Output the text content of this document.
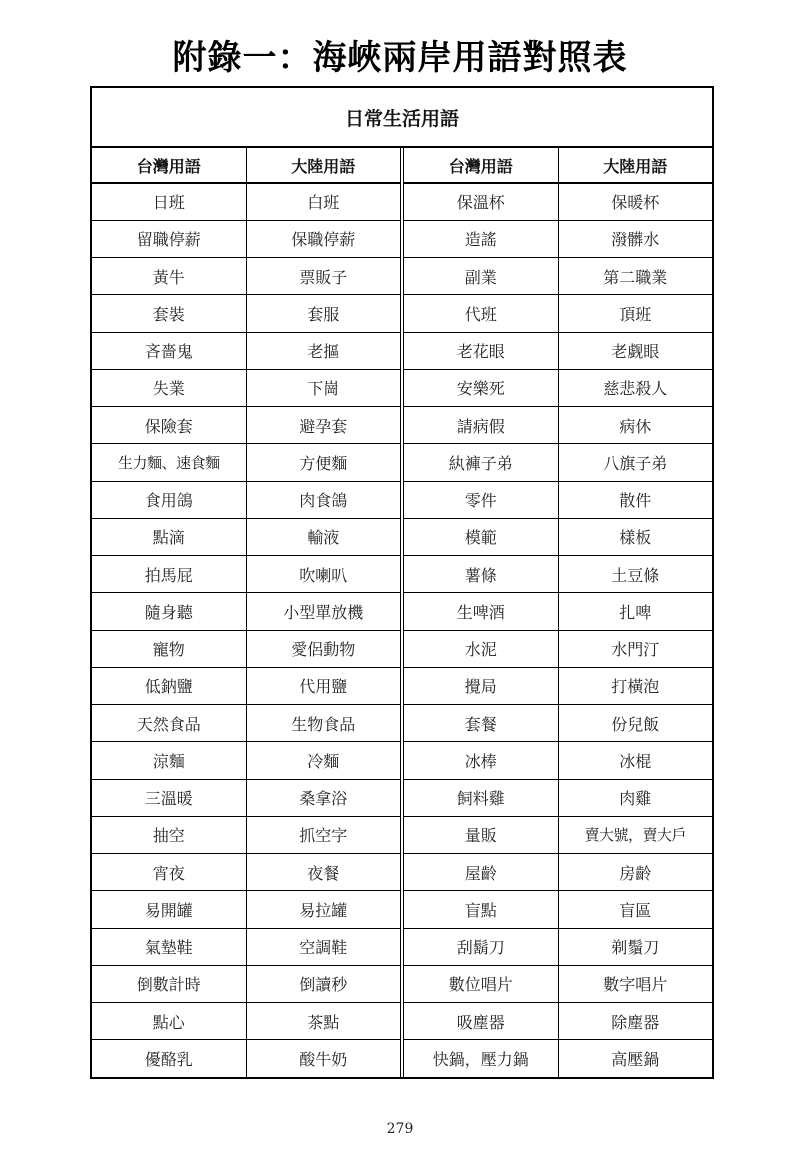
附錄一：海峽兩岸用語對照表
日常生活用語
台灣用語	大陸用語
日班	白班
留職停薪	保職停薪
黃牛	票販子
套裝	套服
吝嗇鬼	老摳
失業	下崗
保險套	避孕套
生力麵、速食麵	方便麵
食用鴿	肉食鴿
點滴	輸液
拍馬屁	吹喇叭
隨身聽	小型單放機
寵物	愛侶動物
低鈉鹽	代用鹽
天然食品	生物食品
涼麵	冷麵
三溫暖	桑拿浴
抽空	抓空字
宵夜	夜餐
易開罐	易拉罐
氣墊鞋	空調鞋
倒數計時	倒讀秒
點心	茶點
優酪乳	酸牛奶
台灣用語	大陸用語
保溫杯	保暖杯
造謠	潑髒水
副業	第二職業
代班	頂班
老花眼	老觑眼
安樂死	慈悲殺人
請病假	病休
紈褲子弟	八旗子弟
零件	散件
模範	樣板
薯條	土豆條
生啤酒	扎啤
水泥	水門汀
攪局	打橫泡
套餐	份兒飯
冰棒	冰棍
飼料雞	肉雞
量販	賣大號，賣大戶
屋齡	房齡
盲點	盲區
刮鬍刀	剃鬚刀
數位唱片	數字唱片
吸塵器	除塵器
快鍋，壓力鍋	高壓鍋
279
